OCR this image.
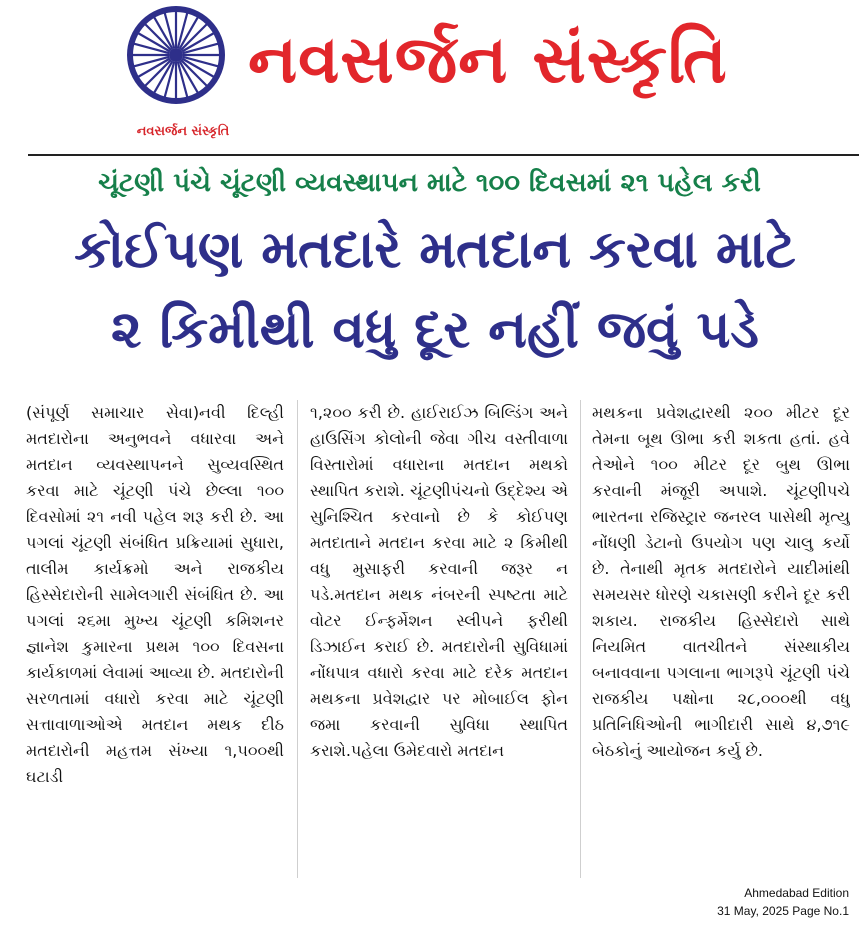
નવસર્જન સંસ્કૃતિ
નવસર્જન સંસ્કૃતિ
ચૂંટણી પંચે ચૂંટણી વ્યવસ્થાપન માટે ૧૦૦ દિવસમાં ૨૧ પહેલ કરી
કોઈપણ મતદારે મતદાન કરવા માટે
૨ કિમીથી વધુ દૂર નહીં જવું પડે
(સંપૂર્ણ સમાચાર સેવા)નવી દિલ્હી મતદારોના અનુભવને વધારવા અને મતદાન વ્યવસ્થાપનને સુવ્યવસ્થિત કરવા માટે ચૂંટણી પંચે છેલ્લા ૧૦૦ દિવસોમાં ૨૧ નવી પહેલ શરૂ કરી છે. આ પગલાં ચૂંટણી સંબંધિત પ્રક્રિયામાં સુધારા, તાલીમ કાર્યક્રમો અને રાજકીય હિસ્સેદારોની સામેલગારી સંબંધિત છે. આ પગલાં ૨૬મા મુખ્ય ચૂંટણી કમિશનર જ્ઞાનેશ કુમારના પ્રથમ ૧૦૦ દિવસના કાર્યકાળમાં લેવામાં આવ્યા છે. મતદારોની સરળતામાં વધારો કરવા માટે ચૂંટણી સત્તાવાળાઓએ મતદાન મથક દીઠ મતદારોની મહત્તમ સંખ્યા ૧,૫૦૦થી ઘટાડી
૧,૨૦૦ કરી છે. હાઈરાઈઝ બિલ્ડિંગ અને હાઉસિંગ કોલોની જેવા ગીચ વસ્તીવાળા વિસ્તારોમાં વધારાના મતદાન મથકો સ્થાપિત કરાશે. ચૂંટણીપંચનો ઉદ્દેશ્ય એ સુનિશ્ચિત કરવાનો છે કે કોઈપણ મતદાતાને મતદાન કરવા માટે ૨ કિમીથી વધુ મુસાફરી કરવાની જરૂર ન પડે.મતદાન મથક નંબરની સ્પષ્ટતા માટે વોટર ઈન્ફર્મેશન સ્લીપને ફરીથી ડિઝાઈન કરાઈ છે. મતદારોની સુવિધામાં નોંધપાત્ર વધારો કરવા માટે દરેક મતદાન મથકના પ્રવેશદ્વાર પર મોબાઈલ ફોન જમા કરવાની સુવિધા સ્થાપિત કરાશે.પહેલા ઉમેદવારો મતદાન
મથકના પ્રવેશદ્વારથી ૨૦૦ મીટર દૂર તેમના બૂથ ઊભા કરી શકતા હતાં. હવે તેઓને ૧૦૦ મીટર દૂર બુથ ઊભા કરવાની મંજૂરી અપાશે. ચૂંટણીપચે ભારતના રજિસ્ટ્રાર જનરલ પાસેથી મૃત્યુ નોંધણી ડેટાનો ઉપયોગ પણ ચાલુ કર્યો છે. તેનાથી મૃતક મતદારોને યાદીમાંથી સમયસર ધોરણે ચકાસણી કરીને દૂર કરી શકાય. રાજકીય હિસ્સેદારો સાથે નિયમિત વાતચીતને સંસ્થાકીય બનાવવાના પગલાના ભાગરૂપે ચૂંટણી પંચે રાજકીય પક્ષોના ૨૮,૦૦૦થી વધુ પ્રતિનિધિઓની ભાગીદારી સાથે ૪,૭૧૯ બેઠકોનું આયોજન કર્યુ છે.
Ahmedabad Edition
31 May, 2025 Page No.1
